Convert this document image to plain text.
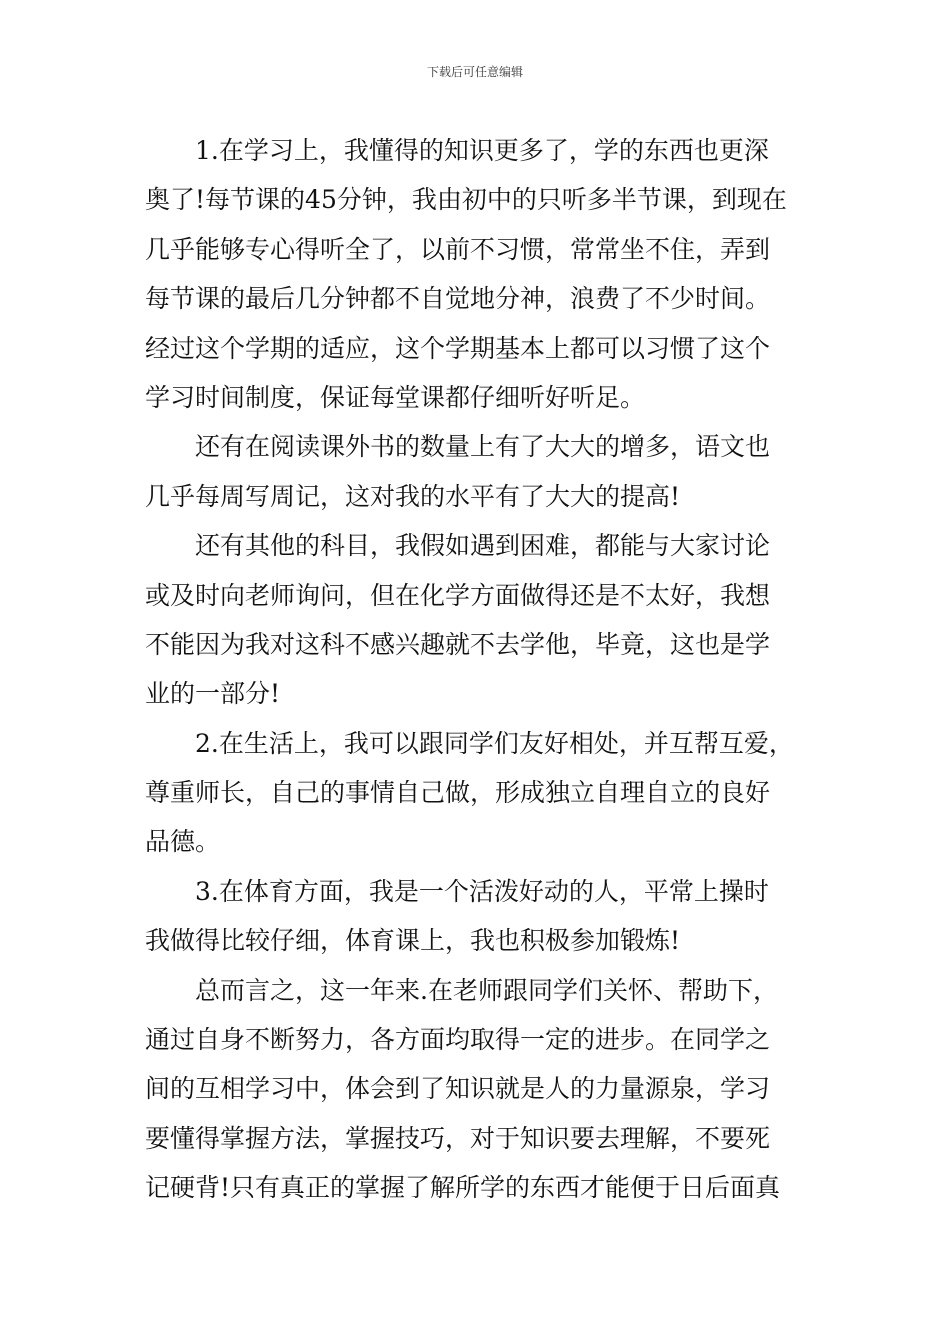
下载后可任意编辑
1.在学习上，我懂得的知识更多了，学的东西也更深
奥了!每节课的45分钟，我由初中的只听多半节课，到现在
几乎能够专心得听全了，以前不习惯，常常坐不住，弄到
每节课的最后几分钟都不自觉地分神，浪费了不少时间。
经过这个学期的适应，这个学期基本上都可以习惯了这个
学习时间制度，保证每堂课都仔细听好听足。
还有在阅读课外书的数量上有了大大的增多，语文也
几乎每周写周记，这对我的水平有了大大的提高!
还有其他的科目，我假如遇到困难，都能与大家讨论
或及时向老师询问，但在化学方面做得还是不太好，我想
不能因为我对这科不感兴趣就不去学他，毕竟，这也是学
业的一部分!
2.在生活上，我可以跟同学们友好相处，并互帮互爱，
尊重师长，自己的事情自己做，形成独立自理自立的良好
品德。
3.在体育方面，我是一个活泼好动的人，平常上操时
我做得比较仔细，体育课上，我也积极参加锻炼!
总而言之，这一年来.在老师跟同学们关怀、帮助下，
通过自身不断努力，各方面均取得一定的进步。在同学之
间的互相学习中，体会到了知识就是人的力量源泉，学习
要懂得掌握方法，掌握技巧，对于知识要去理解，不要死
记硬背!只有真正的掌握了解所学的东西才能便于日后面真
